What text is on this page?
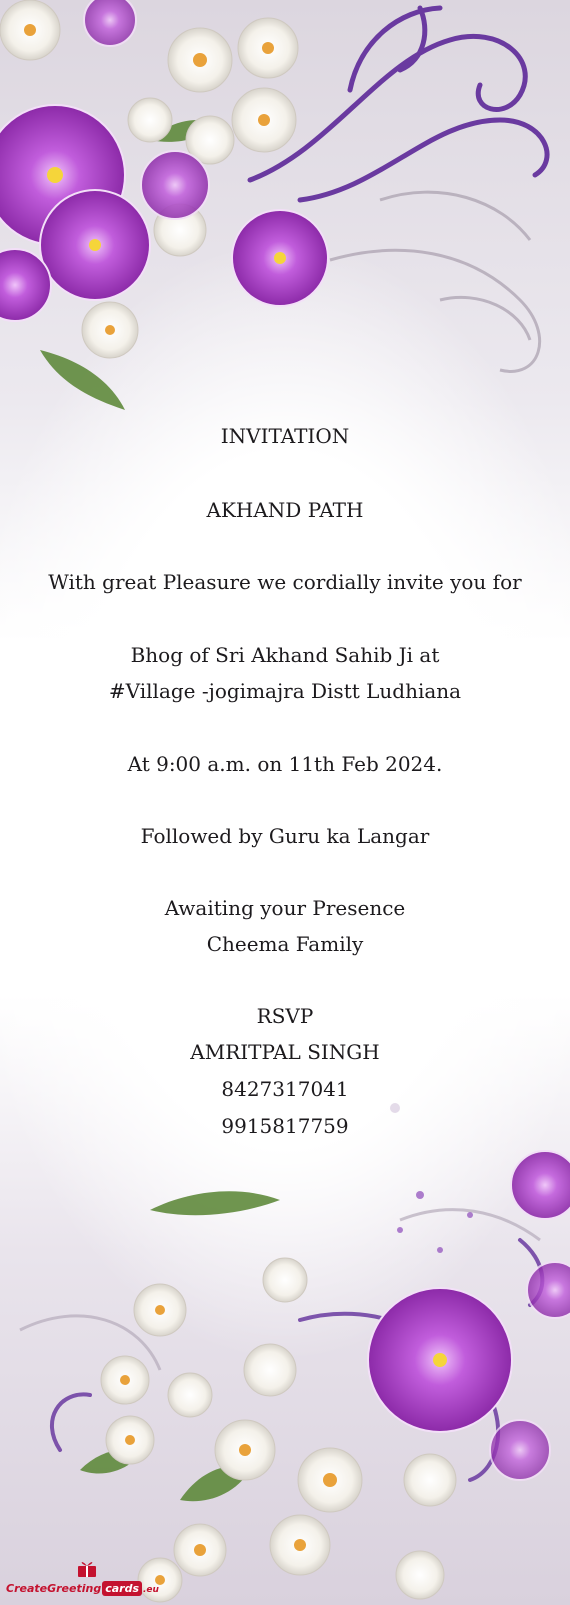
INVITATION
AKHAND PATH
With great Pleasure we cordially invite you for
Bhog of Sri Akhand Sahib Ji at
#Village -jogimajra Distt Ludhiana
At 9:00 a.m. on 11th Feb 2024.
Followed by Guru ka Langar
Awaiting your Presence
Cheema Family
RSVP
AMRITPAL SINGH
8427317041
9915817759
CreateGreeting cards .eu
